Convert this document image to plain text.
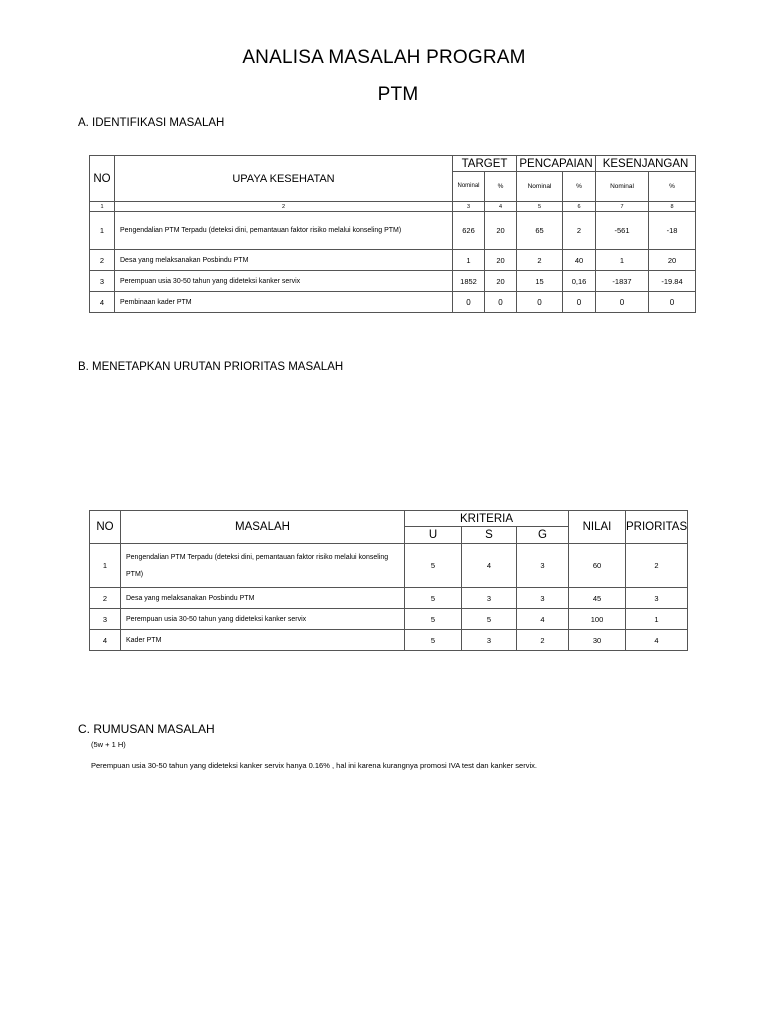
ANALISA MASALAH PROGRAM
PTM
A. IDENTIFIKASI MASALAH
NO	UPAYA KESEHATAN	TARGET		PENCAPAIAN		KESENJANGAN	
		Nominal	%	Nominal	%	Nominal	%
1	2	3	4	5	6	7	8
1	Pengendalian PTM Terpadu (deteksi dini, pemantauan faktor risiko melalui konseling PTM)	626	20	65	2	-561	-18
2	Desa yang melaksanakan Posbindu PTM	1	20	2	40	1	20
3	Perempuan usia 30-50 tahun yang dideteksi kanker servix	1852	20	15	0,16	-1837	-19.84
4	Pembinaan kader PTM	0	0	0	0	0	0
B. MENETAPKAN URUTAN PRIORITAS MASALAH
NO	MASALAH	KRITERIA			NILAI	PRIORITAS
		U	S	G		
1	Pengendalian PTM Terpadu (deteksi dini, pemantauan faktor risiko melalui konseling PTM)	5	4	3	60	2
2	Desa yang melaksanakan Posbindu PTM	5	3	3	45	3
3	Perempuan usia 30-50 tahun yang dideteksi kanker servix	5	5	4	100	1
4	Kader PTM	5	3	2	30	4
C. RUMUSAN MASALAH
(5w + 1 H)
Perempuan usia 30-50 tahun yang dideteksi kanker servix hanya 0.16% , hal ini karena kurangnya promosi IVA test dan kanker servix.
